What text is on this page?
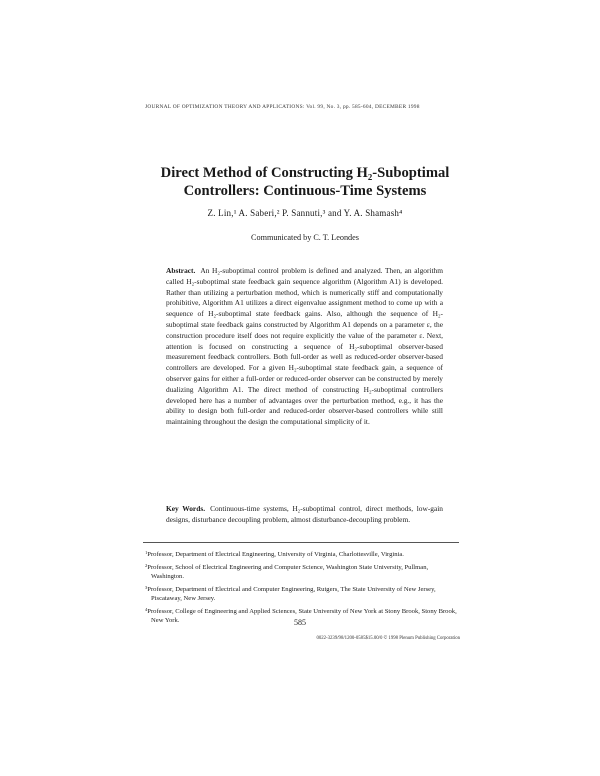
JOURNAL OF OPTIMIZATION THEORY AND APPLICATIONS: Vol. 99, No. 3, pp. 585-604, DECEMBER 1998
Direct Method of Constructing H₂-Suboptimal
Controllers: Continuous-Time Systems
Z. Lin,¹ A. Saberi,² P. Sannuti,³ and Y. A. Shamash⁴
Communicated by C. T. Leondes
Abstract. An H₂-suboptimal control problem is defined and analyzed. Then, an algorithm called H₂-suboptimal state feedback gain sequence algorithm (Algorithm A1) is developed. Rather than utilizing a perturbation method, which is numerically stiff and computationally prohibitive, Algorithm A1 utilizes a direct eigenvalue assignment method to come up with a sequence of H₂-suboptimal state feedback gains. Also, although the sequence of H₂-suboptimal state feedback gains constructed by Algorithm A1 depends on a parameter ε, the construction procedure itself does not require explicitly the value of the parameter ε. Next, attention is focused on constructing a sequence of H₂-suboptimal observer-based measurement feedback controllers. Both full-order as well as reduced-order observer-based controllers are developed. For a given H₂-suboptimal state feedback gain, a sequence of observer gains for either a full-order or reduced-order observer can be constructed by merely dualizing Algorithm A1. The direct method of constructing H₂-suboptimal controllers developed here has a number of advantages over the perturbation method, e.g., it has the ability to design both full-order and reduced-order observer-based controllers while still maintaining throughout the design the computational simplicity of it.
Key Words. Continuous-time systems, H₂-suboptimal control, direct methods, low-gain designs, disturbance decoupling problem, almost disturbance-decoupling problem.
$^1$Professor, Department of Electrical Engineering, University of Virginia, Charlottesville, Virginia.
$^2$Professor, School of Electrical Engineering and Computer Science, Washington State University, Pullman, Washington.
$^3$Professor, Department of Electrical and Computer Engineering, Rutgers, The State University of New Jersey, Piscataway, New Jersey.
$^4$Professor, College of Engineering and Applied Sciences, State University of New York at Stony Brook, Stony Brook, New York.	585
0022-3239/98/1200-0585$15.00/0 © 1998 Plenum Publishing Corporation
